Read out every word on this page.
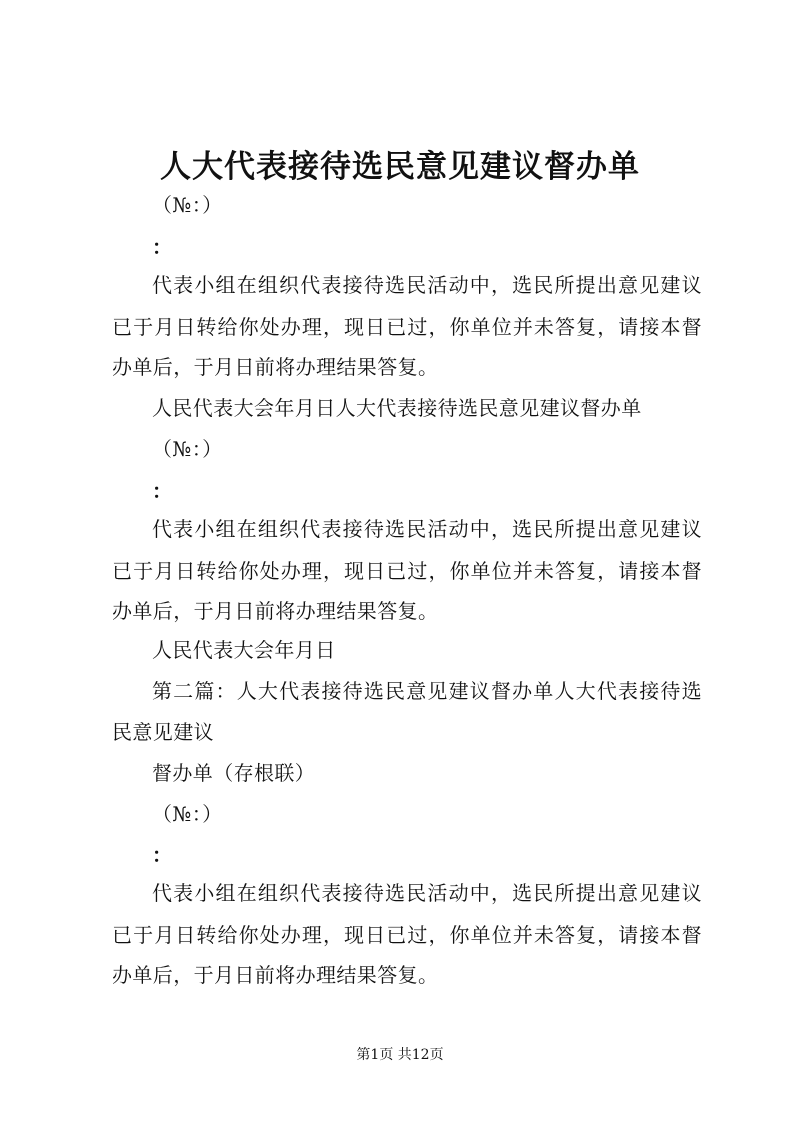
人大代表接待选民意见建议督办单
（№：）
：
代表小组在组织代表接待选民活动中，选民所提出意见建议
已于月日转给你处办理，现日已过，你单位并未答复，请接本督
办单后，于月日前将办理结果答复。
人民代表大会年月日人大代表接待选民意见建议督办单
（№：）
：
代表小组在组织代表接待选民活动中，选民所提出意见建议
已于月日转给你处办理，现日已过，你单位并未答复，请接本督
办单后，于月日前将办理结果答复。
人民代表大会年月日
第二篇：人大代表接待选民意见建议督办单人大代表接待选
民意见建议
督办单（存根联）
（№：）
：
代表小组在组织代表接待选民活动中，选民所提出意见建议
已于月日转给你处办理，现日已过，你单位并未答复，请接本督
办单后，于月日前将办理结果答复。
第1页 共12页
